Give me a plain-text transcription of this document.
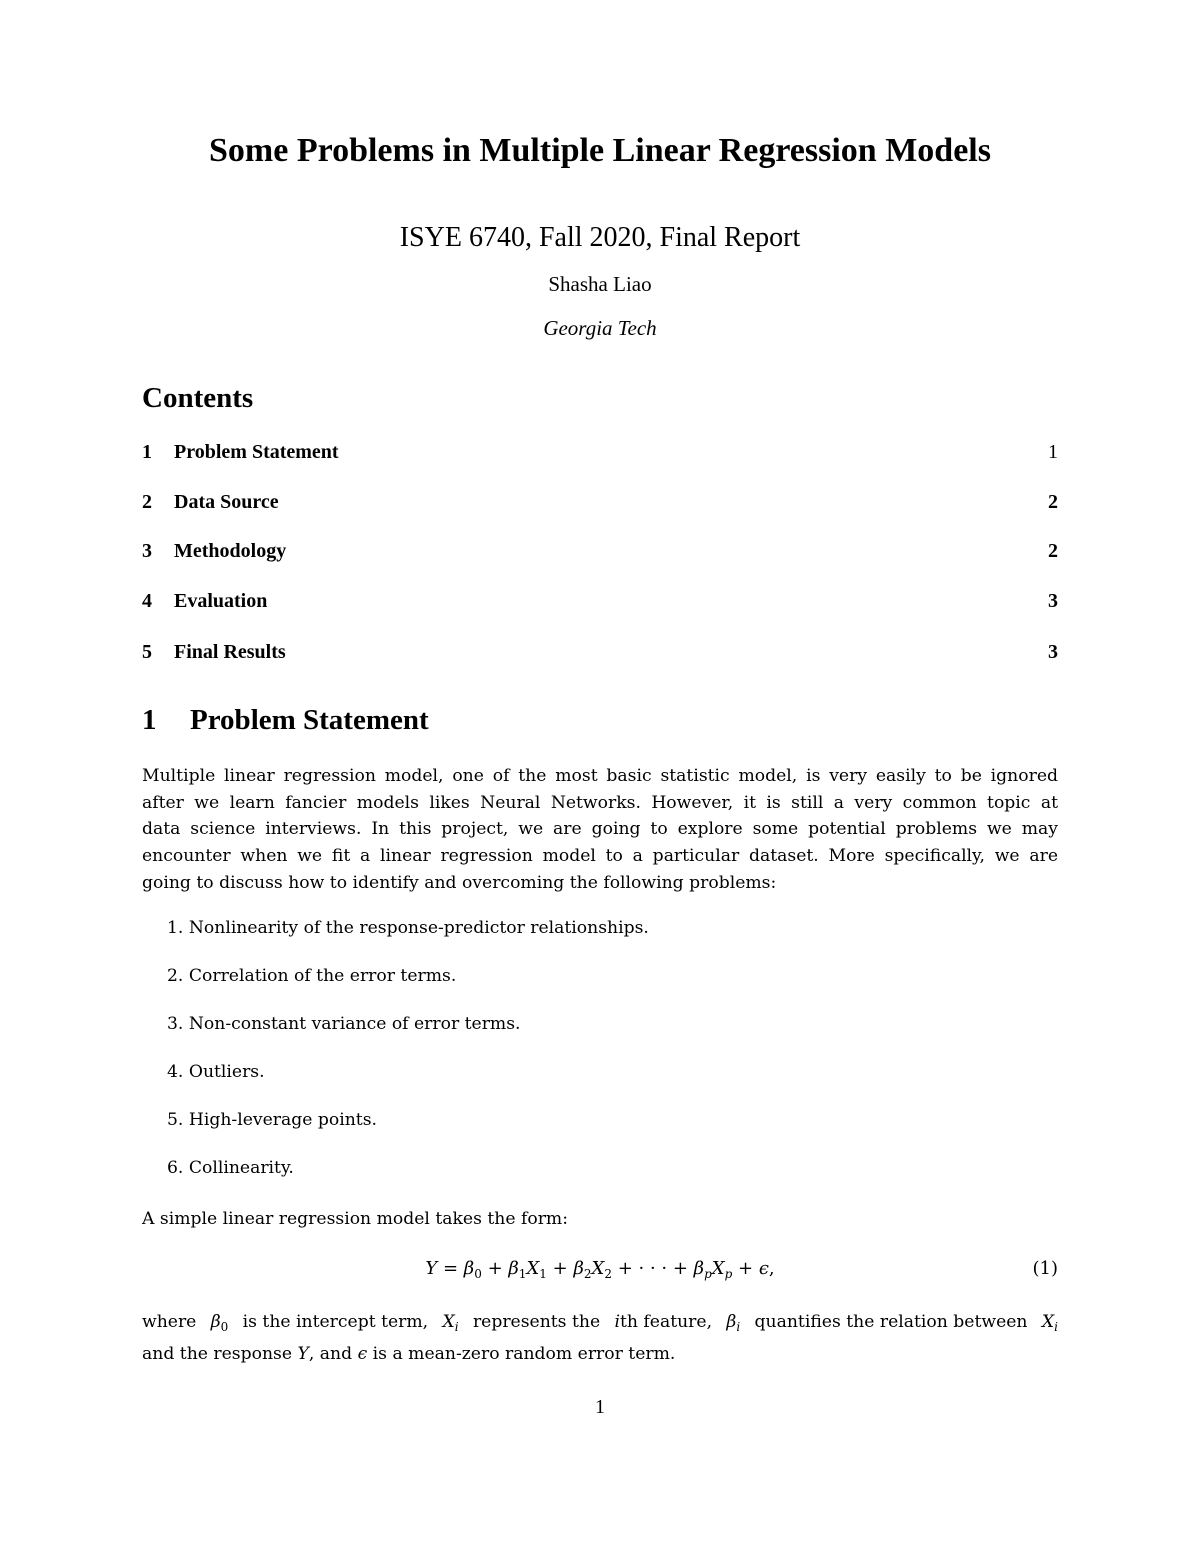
Some Problems in Multiple Linear Regression Models
ISYE 6740, Fall 2020, Final Report
Shasha Liao
Georgia Tech
Contents
1 Problem Statement	1
2 Data Source	2
3 Methodology	2
4 Evaluation	3
5 Final Results	3
1 Problem Statement
Multiple linear regression model, one of the most basic statistic model, is very easily to be ignored
after we learn fancier models likes Neural Networks. However, it is still a very common topic at
data science interviews. In this project, we are going to explore some potential problems we may
encounter when we fit a linear regression model to a particular dataset. More specifically, we are
going to discuss how to identify and overcoming the following problems:
1. Nonlinearity of the response-predictor relationships.
2. Correlation of the error terms.
3. Non-constant variance of error terms.
4. Outliers.
5. High-leverage points.
6. Collinearity.
A simple linear regression model takes the form:
$Y = \beta_0 + \beta_1X_1 + \beta_2X_2$ + · · · + $\beta_pX_p + \epsilon$,	(1)
where $\beta_0$ is the intercept term, $X_i$ represents the ith feature, $\beta_i$ quantifies the relation between $X_i$
and the response Y, and ϵ is a mean-zero random error term.
1
